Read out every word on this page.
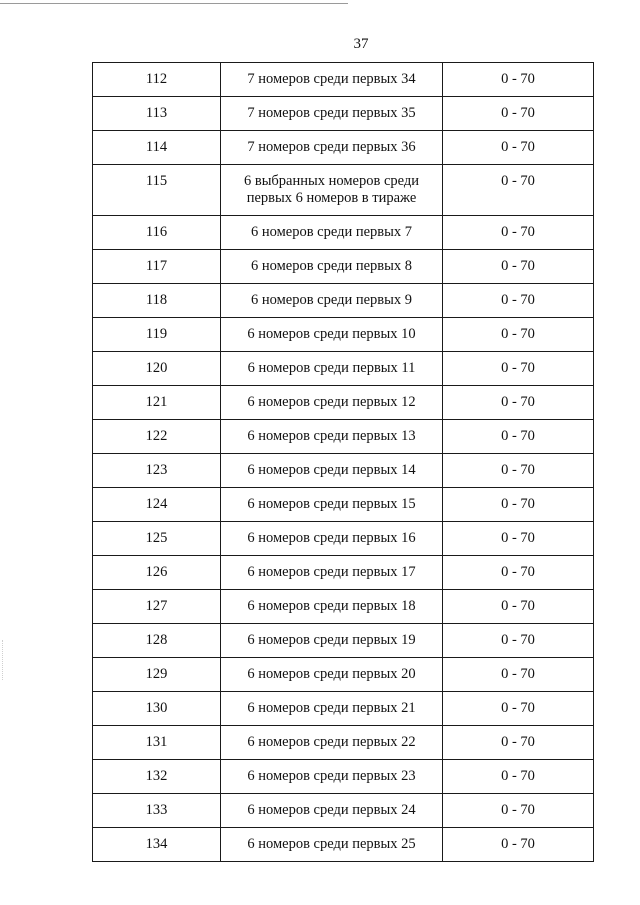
37
112	7 номеров среди первых 34	0 - 70
113	7 номеров среди первых 35	0 - 70
114	7 номеров среди первых 36	0 - 70
115	6 выбранных номеров среди первых 6 номеров в тираже	0 - 70
116	6 номеров среди первых 7	0 - 70
117	6 номеров среди первых 8	0 - 70
118	6 номеров среди первых 9	0 - 70
119	6 номеров среди первых 10	0 - 70
120	6 номеров среди первых 11	0 - 70
121	6 номеров среди первых 12	0 - 70
122	6 номеров среди первых 13	0 - 70
123	6 номеров среди первых 14	0 - 70
124	6 номеров среди первых 15	0 - 70
125	6 номеров среди первых 16	0 - 70
126	6 номеров среди первых 17	0 - 70
127	6 номеров среди первых 18	0 - 70
128	6 номеров среди первых 19	0 - 70
129	6 номеров среди первых 20	0 - 70
130	6 номеров среди первых 21	0 - 70
131	6 номеров среди первых 22	0 - 70
132	6 номеров среди первых 23	0 - 70
133	6 номеров среди первых 24	0 - 70
134	6 номеров среди первых 25	0 - 70
